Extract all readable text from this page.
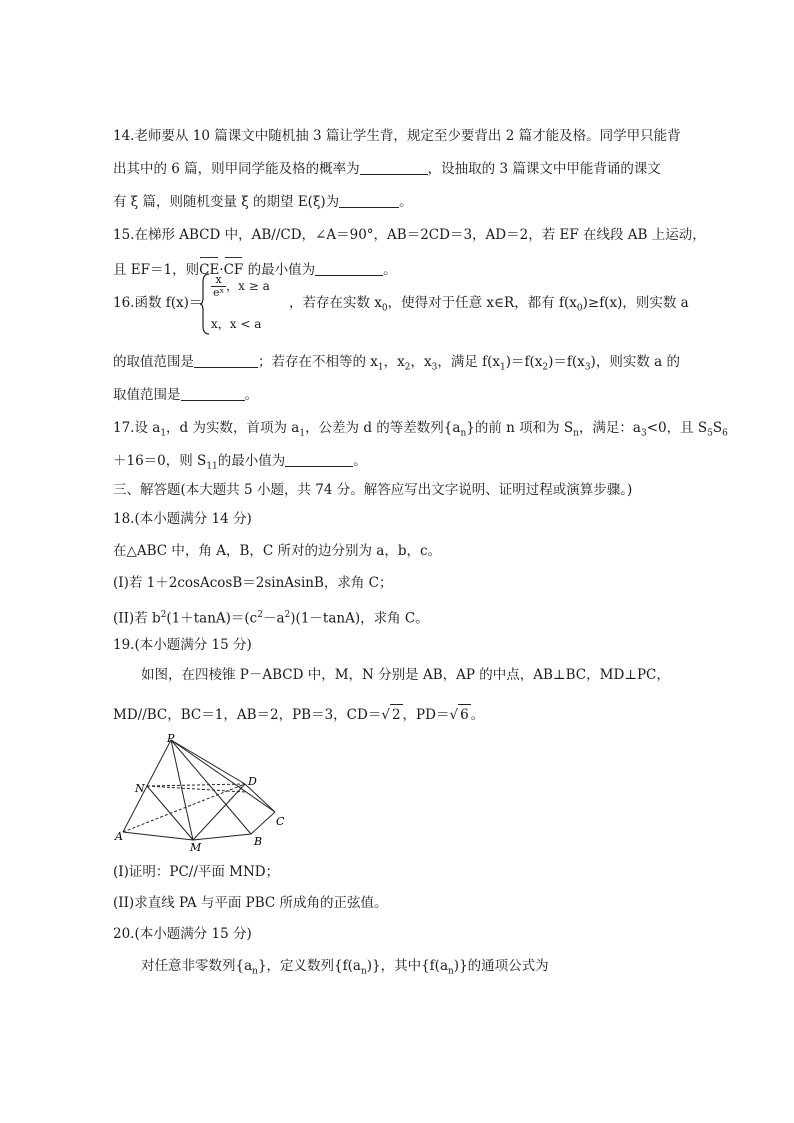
14.老师要从 10 篇课文中随机抽 3 篇让学生背，规定至少要背出 2 篇才能及格。同学甲只能背
出其中的 6 篇，则甲同学能及格的概率为	，设抽取的 3 篇课文中甲能背诵的课文
有 ξ 篇，则随机变量 ξ 的期望 E(ξ)为	。
15.在梯形 ABCD 中，AB//CD，∠A＝90°，AB＝2CD＝3，AD＝2，若 EF 在线段 AB 上运动，
且 EF＝1，则CE·CF 的最小值为	。
16.函数 f(x)＝
$\frac{x}{\text{eˣ}}$ ，x ≥ a
x，x < a
，若存在实数 $x_0$，使得对于任意 x∈R，都有 $f(x_0)\ge f(x)$，则实数 a
的取值范围是	；若存在不相等的 $x_1$，$x_2$，$x_3$，满足 $f(x_1)=f(x_2)=f(x_3)$，则实数 a 的
取值范围是	。
17.设 $a_1$，d 为实数，首项为 $a_1$，公差为 d 的等差数列$\{a_n\}$的前 n 项和为 $S_n$，满足：$a_3<0$，且 $S_5S_6$
＋16＝0，则 $S_{11}$的最小值为	。
三、解答题(本大题共 5 小题，共 74 分。解答应写出文字说明、证明过程或演算步骤。)
18.(本小题满分 14 分)
在△ABC 中，角 A，B，C 所对的边分别为 a，b，c。
(I)若 1＋2cosAcosB＝2sinAsinB，求角 C；
(II)若 $b^2(1+\tan A)=(c^2-a^2)(1-\tan A)$，求角 C。
19.(本小题满分 15 分)
如图，在四棱锥 P－ABCD 中，M，N 分别是 AB，AP 的中点，AB⊥BC，MD⊥PC，
MD//BC，BC＝1，AB＝2，PB＝3，CD＝√ 2 ，PD＝√ 6 。
P
D
N
C
A
M	B
(I)证明：PC//平面 MND；
(II)求直线 PA 与平面 PBC 所成角的正弦值。
20.(本小题满分 15 分)
对任意非零数列$\{a_n\}$，定义数列$\{f(a_n)\}$，其中$\{f(a_n)\}$的通项公式为
